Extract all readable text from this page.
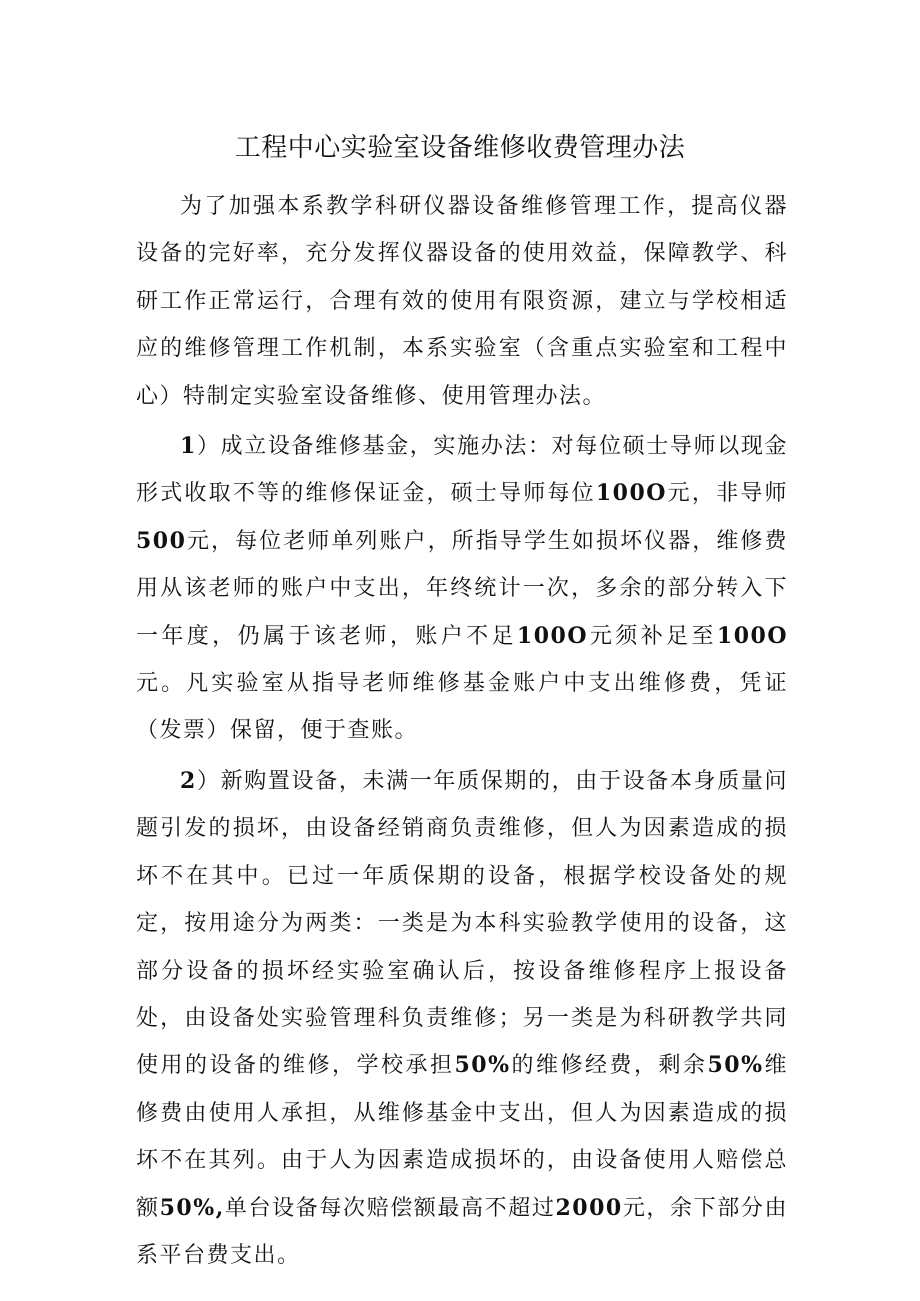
工程中心实验室设备维修收费管理办法

为了加强本系教学科研仪器设备维修管理工作，提高仪器设备的完好率，充分发挥仪器设备的使用效益，保障教学、科研工作正常运行，合理有效的使用有限资源，建立与学校相适应的维修管理工作机制，本系实验室（含重点实验室和工程中心）特制定实验室设备维修、使用管理办法。

1）成立设备维修基金，实施办法：对每位硕士导师以现金形式收取不等的维修保证金，硕士导师每位100O元，非导师500元，每位老师单列账户，所指导学生如损坏仪器，维修费用从该老师的账户中支出，年终统计一次，多余的部分转入下一年度，仍属于该老师，账户不足100O元须补足至100O元。凡实验室从指导老师维修基金账户中支出维修费，凭证（发票）保留，便于查账。

2）新购置设备，未满一年质保期的，由于设备本身质量问题引发的损坏，由设备经销商负责维修，但人为因素造成的损坏不在其中。已过一年质保期的设备，根据学校设备处的规定，按用途分为两类：一类是为本科实验教学使用的设备，这部分设备的损坏经实验室确认后，按设备维修程序上报设备处，由设备处实验管理科负责维修；另一类是为科研教学共同使用的设备的维修，学校承担50%的维修经费，剩余50%维修费由使用人承担，从维修基金中支出，但人为因素造成的损坏不在其列。由于人为因素造成损坏的，由设备使用人赔偿总额50%,单台设备每次赔偿额最高不超过2000元，余下部分由系平台费支出。
